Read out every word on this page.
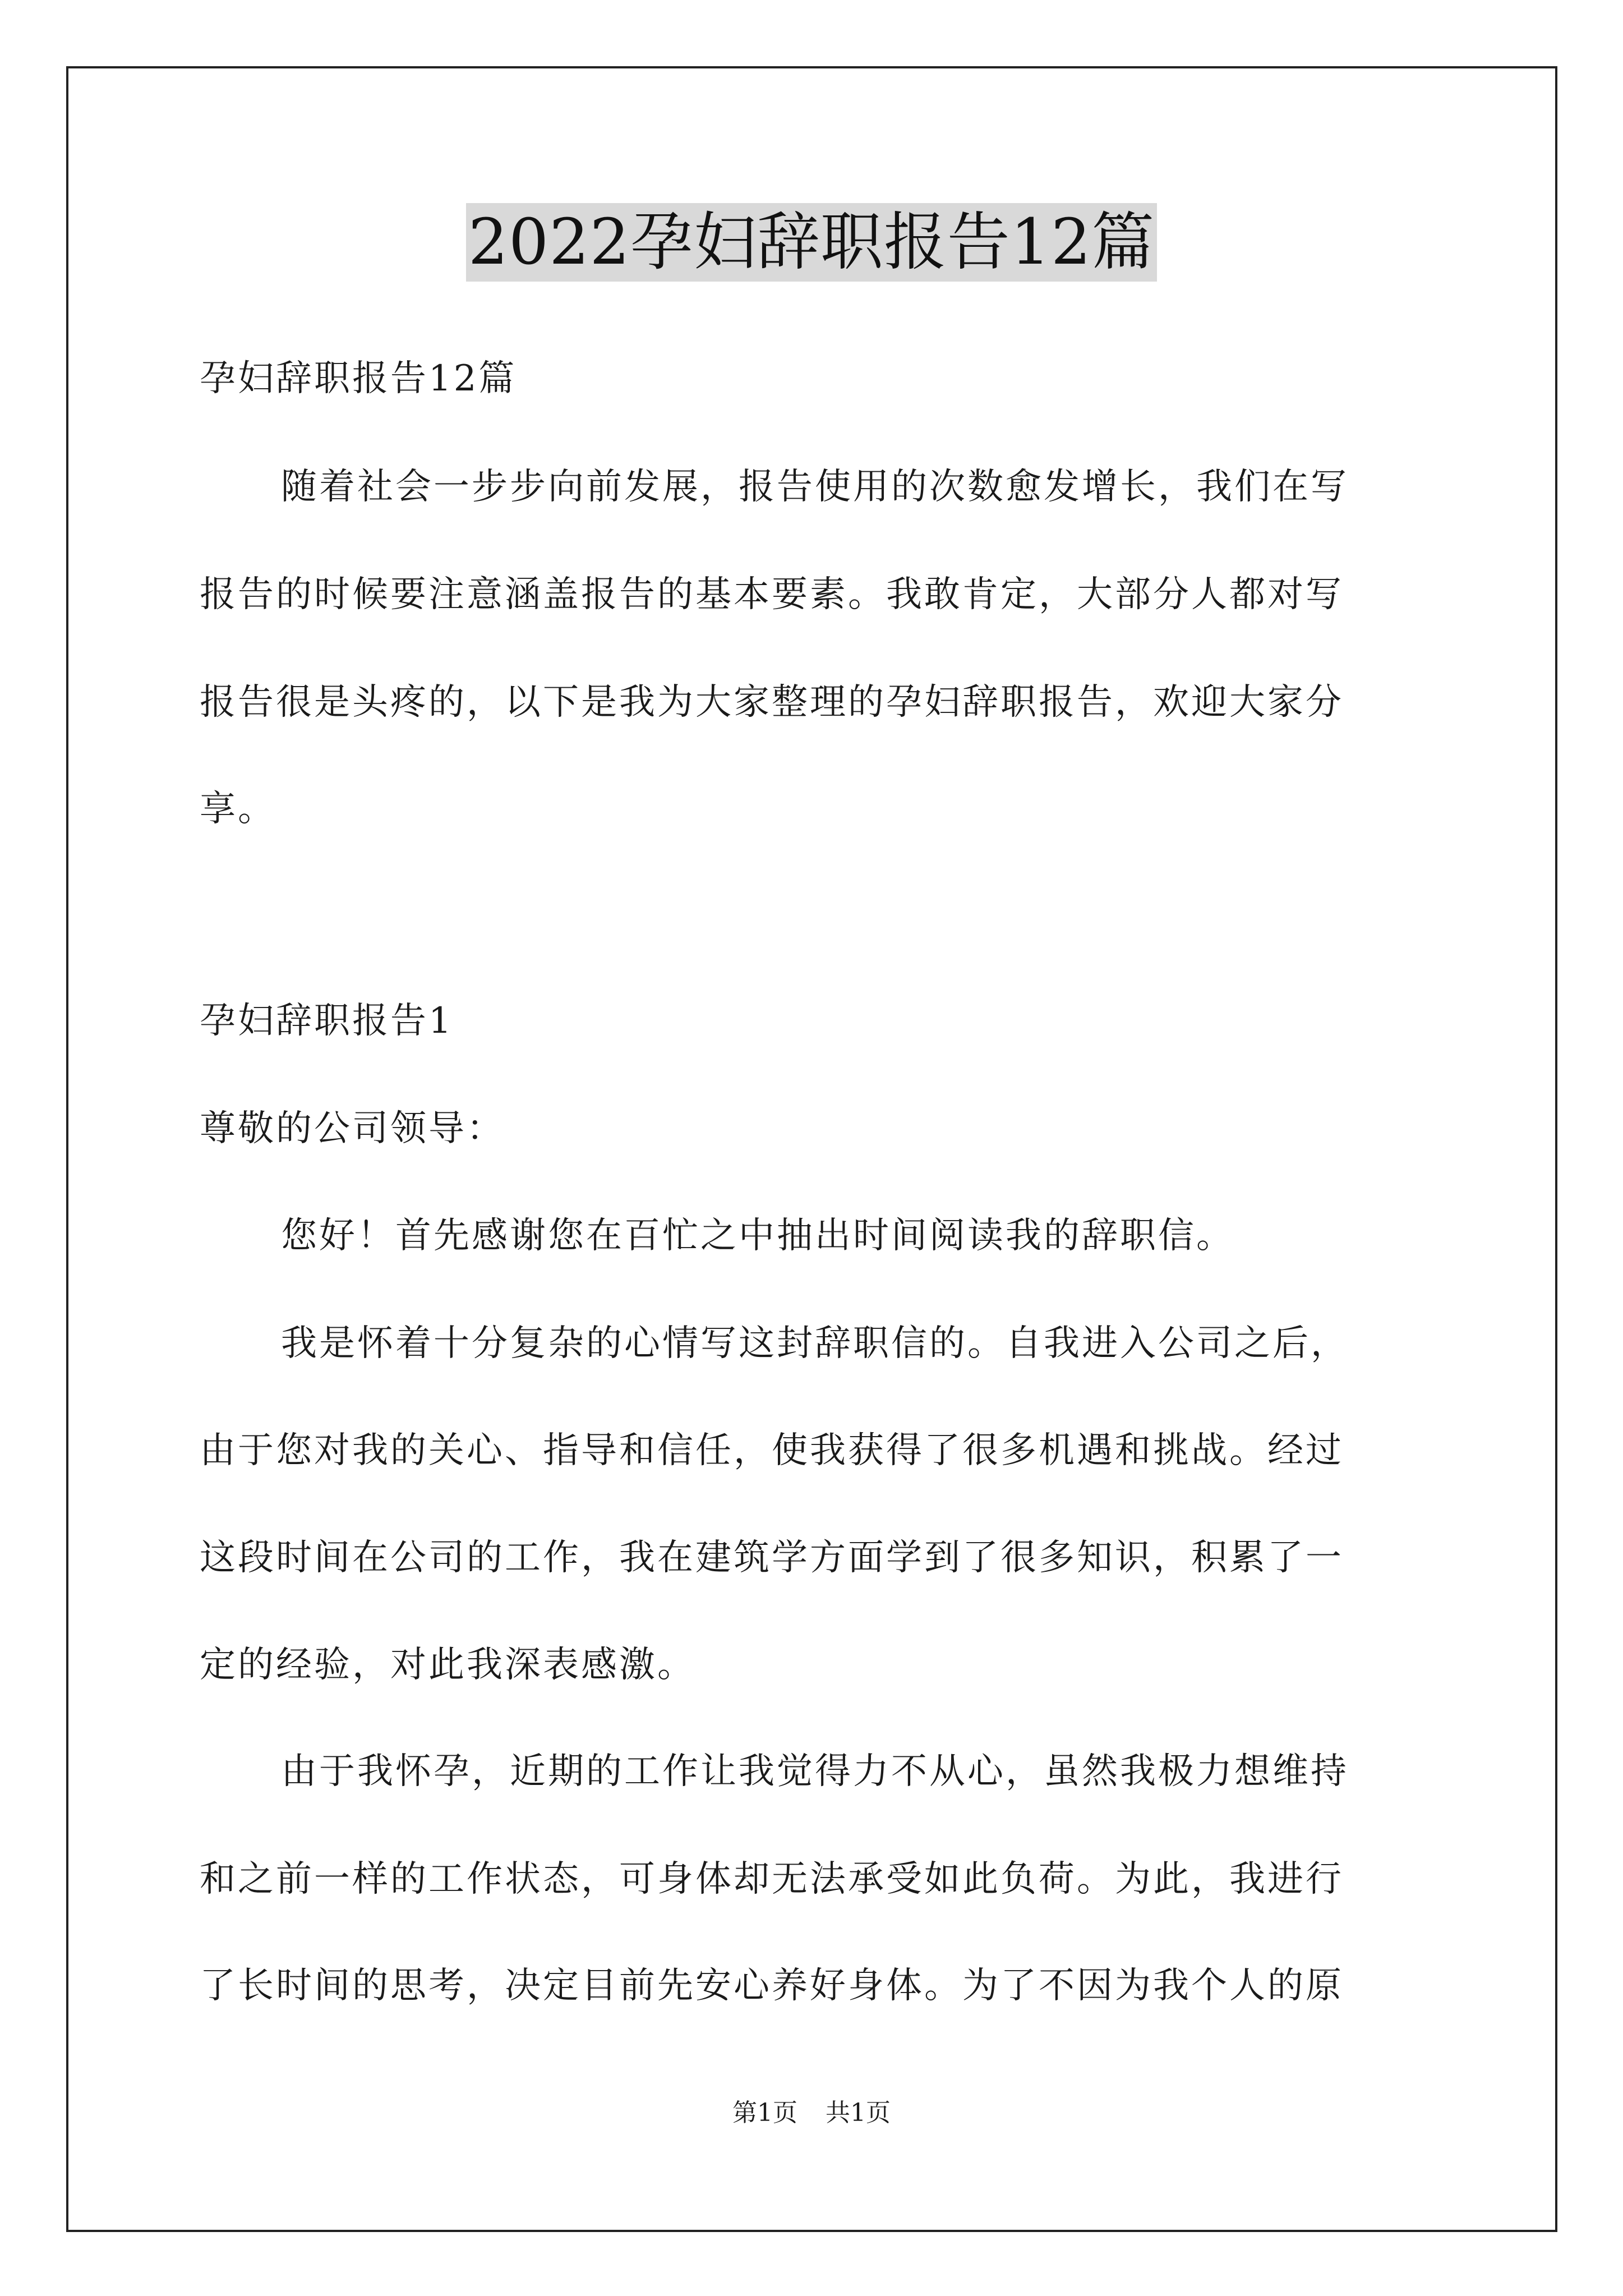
2022孕妇辞职报告12篇
孕妇辞职报告12篇
随着社会一步步向前发展，报告使用的次数愈发增长，我们在写
报告的时候要注意涵盖报告的基本要素。我敢肯定，大部分人都对写
报告很是头疼的，以下是我为大家整理的孕妇辞职报告，欢迎大家分
享。
孕妇辞职报告1
尊敬的公司领导：
您好！首先感谢您在百忙之中抽出时间阅读我的辞职信。
我是怀着十分复杂的心情写这封辞职信的。自我进入公司之后，
由于您对我的关心、指导和信任，使我获得了很多机遇和挑战。经过
这段时间在公司的工作，我在建筑学方面学到了很多知识，积累了一
定的经验，对此我深表感激。
由于我怀孕，近期的工作让我觉得力不从心，虽然我极力想维持
和之前一样的工作状态，可身体却无法承受如此负荷。为此，我进行
了长时间的思考，决定目前先安心养好身体。为了不因为我个人的原
第1页 共1页
